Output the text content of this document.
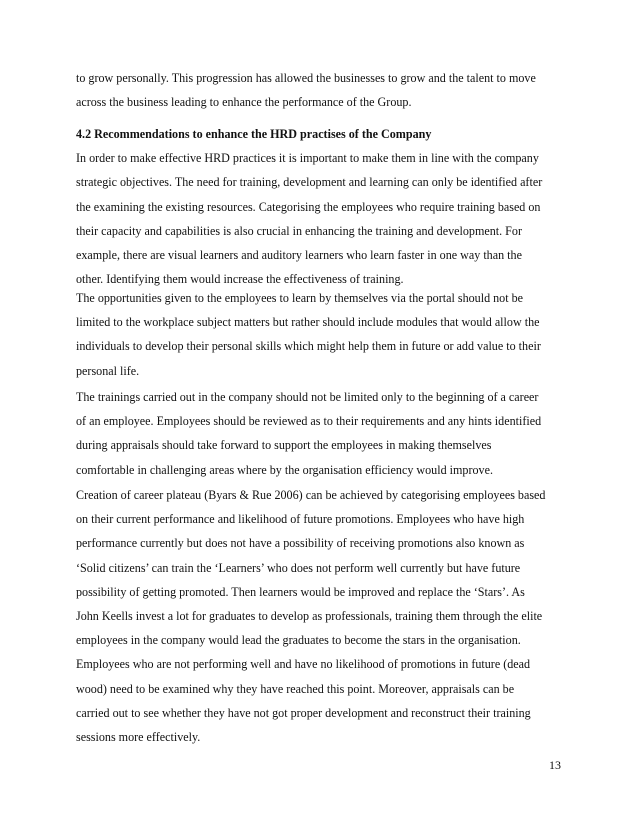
to grow personally. This progression has allowed the businesses to grow and the talent to move
across the business leading to enhance the performance of the Group.
4.2 Recommendations to enhance the HRD practises of the Company
In order to make effective HRD practices it is important to make them in line with the company
strategic objectives. The need for training, development and learning can only be identified after
the examining the existing resources. Categorising the employees who require training based on
their capacity and capabilities is also crucial in enhancing the training and development. For
example, there are visual learners and auditory learners who learn faster in one way than the
other. Identifying them would increase the effectiveness of training.
The opportunities given to the employees to learn by themselves via the portal should not be
limited to the workplace subject matters but rather should include modules that would allow the
individuals to develop their personal skills which might help them in future or add value to their
personal life.
The trainings carried out in the company should not be limited only to the beginning of a career
of an employee. Employees should be reviewed as to their requirements and any hints identified
during appraisals should take forward to support the employees in making themselves
comfortable in challenging areas where by the organisation efficiency would improve.
Creation of career plateau (Byars & Rue 2006) can be achieved by categorising employees based
on their current performance and likelihood of future promotions. Employees who have high
performance currently but does not have a possibility of receiving promotions also known as
‘Solid citizens’ can train the ‘Learners’ who does not perform well currently but have future
possibility of getting promoted. Then learners would be improved and replace the ‘Stars’. As
John Keells invest a lot for graduates to develop as professionals, training them through the elite
employees in the company would lead the graduates to become the stars in the organisation.
Employees who are not performing well and have no likelihood of promotions in future (dead
wood) need to be examined why they have reached this point. Moreover, appraisals can be
carried out to see whether they have not got proper development and reconstruct their training
sessions more effectively.
13
